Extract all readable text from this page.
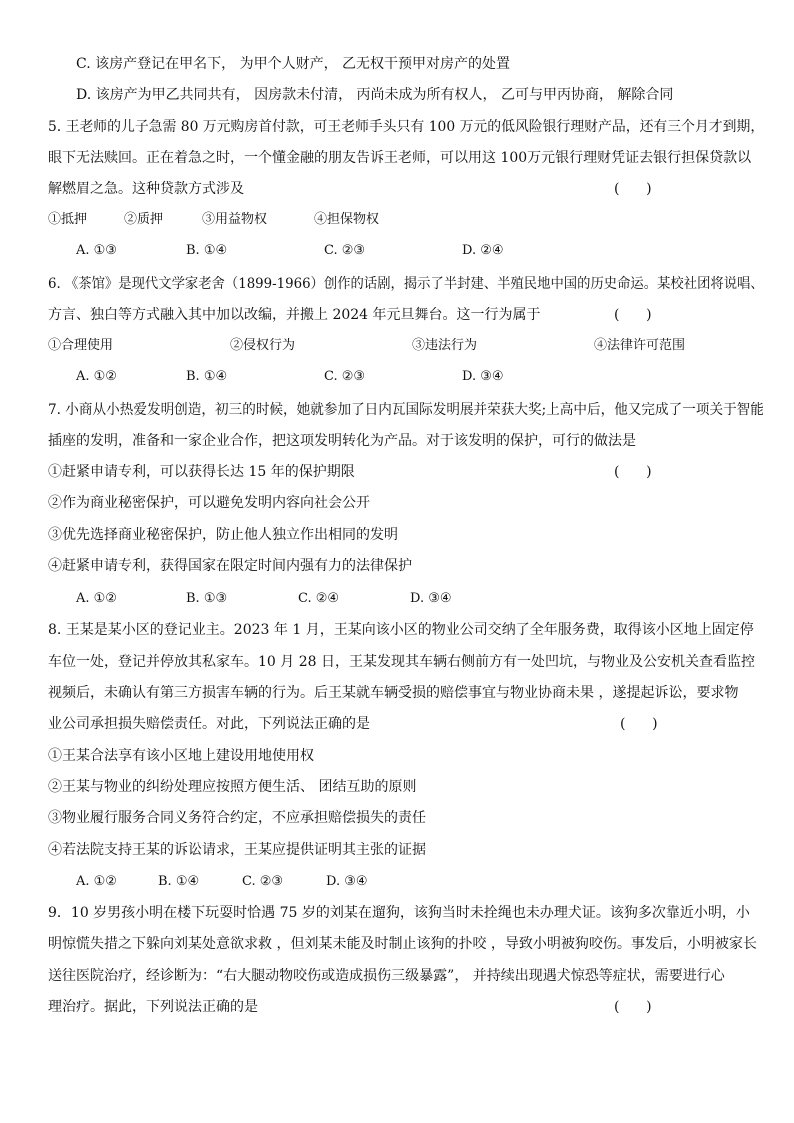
C. 该房产登记在甲名下， 为甲个人财产， 乙无权干预甲对房产的处置
D. 该房产为甲乙共同共有， 因房款未付清， 丙尚未成为所有权人， 乙可与甲丙协商， 解除合同
5. 王老师的儿子急需 80 万元购房首付款，可王老师手头只有 100 万元的低风险银行理财产品，还有三个月才到期，
眼下无法赎回。正在着急之时，一个懂金融的朋友告诉王老师，可以用这 100万元银行理财凭证去银行担保贷款以
解燃眉之急。这种贷款方式涉及	(      )
①抵押	②质押	③用益物权	④担保物权
A. ①③	B. ①④	C. ②③	D. ②④
6. 《茶馆》是现代文学家老舍（1899-1966）创作的话剧，揭示了半封建、半殖民地中国的历史命运。某校社团将说唱、
方言、独白等方式融入其中加以改编，并搬上 2024 年元旦舞台。这一行为属于	(      )
①合理使用	②侵权行为	③违法行为	④法律许可范围
A. ①②	B. ①④	C. ②③	D. ③④
7. 小商从小热爱发明创造，初三的时候，她就参加了日内瓦国际发明展并荣获大奖;上高中后，他又完成了一项关于智能
插座的发明，准备和一家企业合作，把这项发明转化为产品。对于该发明的保护，可行的做法是
①赶紧申请专利，可以获得长达 15 年的保护期限	(      )
②作为商业秘密保护，可以避免发明内容向社会公开
③优先选择商业秘密保护，防止他人独立作出相同的发明
④赶紧申请专利，获得国家在限定时间内强有力的法律保护
A. ①②	B. ①③	C. ②④	D. ③④
8. 王某是某小区的登记业主。2023 年 1 月，王某向该小区的物业公司交纳了全年服务费，取得该小区地上固定停
车位一处，登记并停放其私家车。10 月 28 日，王某发现其车辆右侧前方有一处凹坑，与物业及公安机关查看监控
视频后，未确认有第三方损害车辆的行为。后王某就车辆受损的赔偿事宜与物业协商未果 ，遂提起诉讼，要求物
业公司承担损失赔偿责任。对此，下列说法正确的是	(      )
①王某合法享有该小区地上建设用地使用权
②王某与物业的纠纷处理应按照方便生活、 团结互助的原则
③物业履行服务合同义务符合约定，不应承担赔偿损失的责任
④若法院支持王某的诉讼请求，王某应提供证明其主张的证据
A. ①②	B. ①④	C. ②③	D. ③④
9．10 岁男孩小明在楼下玩耍时恰遇 75 岁的刘某在遛狗，该狗当时未拴绳也未办理犬证。该狗多次靠近小明，小
明惊慌失措之下躲向刘某处意欲求救 ，但刘某未能及时制止该狗的扑咬 ，导致小明被狗咬伤。事发后，小明被家长
送往医院治疗，经诊断为：“右大腿动物咬伤或造成损伤三级暴露”， 并持续出现遇犬惊恐等症状，需要进行心
理治疗。据此，下列说法正确的是	(      )
